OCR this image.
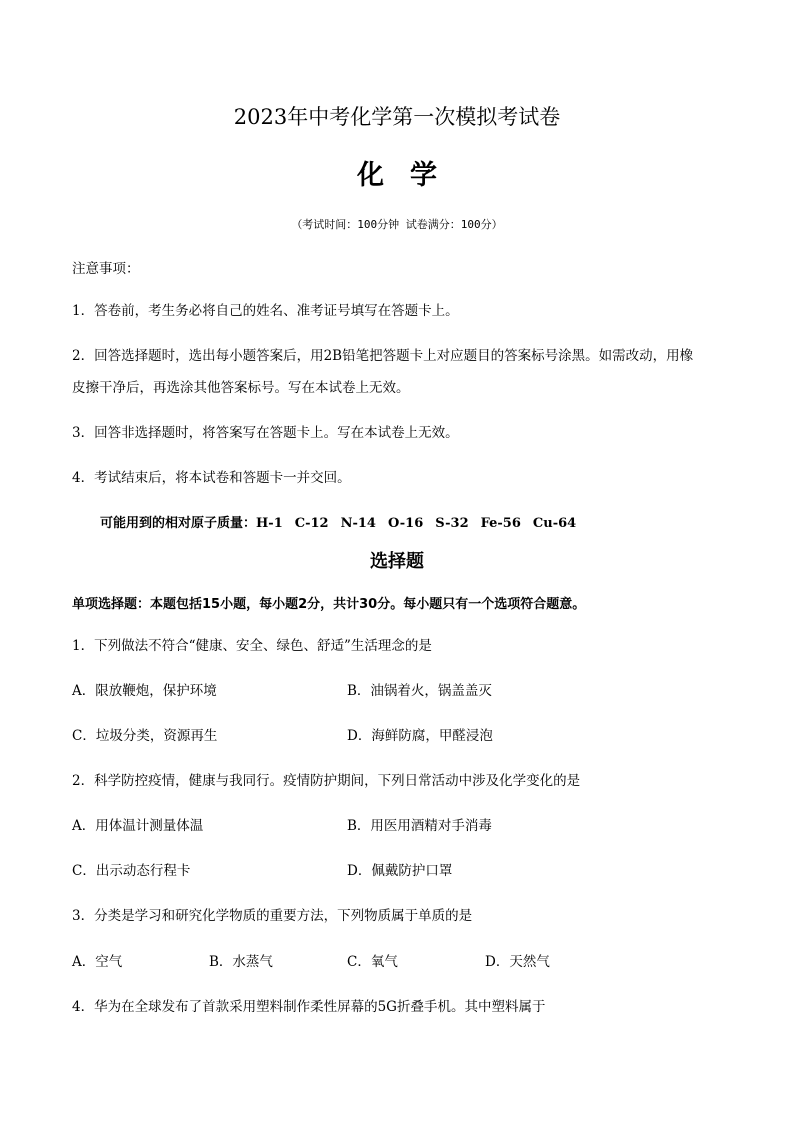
2023年中考化学第一次模拟考试卷
化学
（考试时间：100分钟 试卷满分：100分）
注意事项：
1．答卷前，考生务必将自己的姓名、准考证号填写在答题卡上。
2．回答选择题时，选出每小题答案后，用2B铅笔把答题卡上对应题目的答案标号涂黑。如需改动，用橡
皮擦干净后，再选涂其他答案标号。写在本试卷上无效。
3．回答非选择题时，将答案写在答题卡上。写在本试卷上无效。
4．考试结束后，将本试卷和答题卡一并交回。
可能用到的相对原子质量：H-1 C-12 N-14 O-16 S-32 Fe-56 Cu-64
选择题
单项选择题：本题包括15小题，每小题2分，共计30分。每小题只有一个选项符合题意。
1．下列做法不符合“健康、安全、绿色、舒适”生活理念的是
A．限放鞭炮，保护环境	B．油锅着火，锅盖盖灭
C．垃圾分类，资源再生	D．海鲜防腐，甲醛浸泡
2．科学防控疫情，健康与我同行。疫情防护期间，下列日常活动中涉及化学变化的是
A．用体温计测量体温	B．用医用酒精对手消毒
C．出示动态行程卡	D．佩戴防护口罩
3．分类是学习和研究化学物质的重要方法，下列物质属于单质的是
A．空气	B．水蒸气	C．氧气	D．天然气
4．华为在全球发布了首款采用塑料制作柔性屏幕的5G折叠手机。其中塑料属于
